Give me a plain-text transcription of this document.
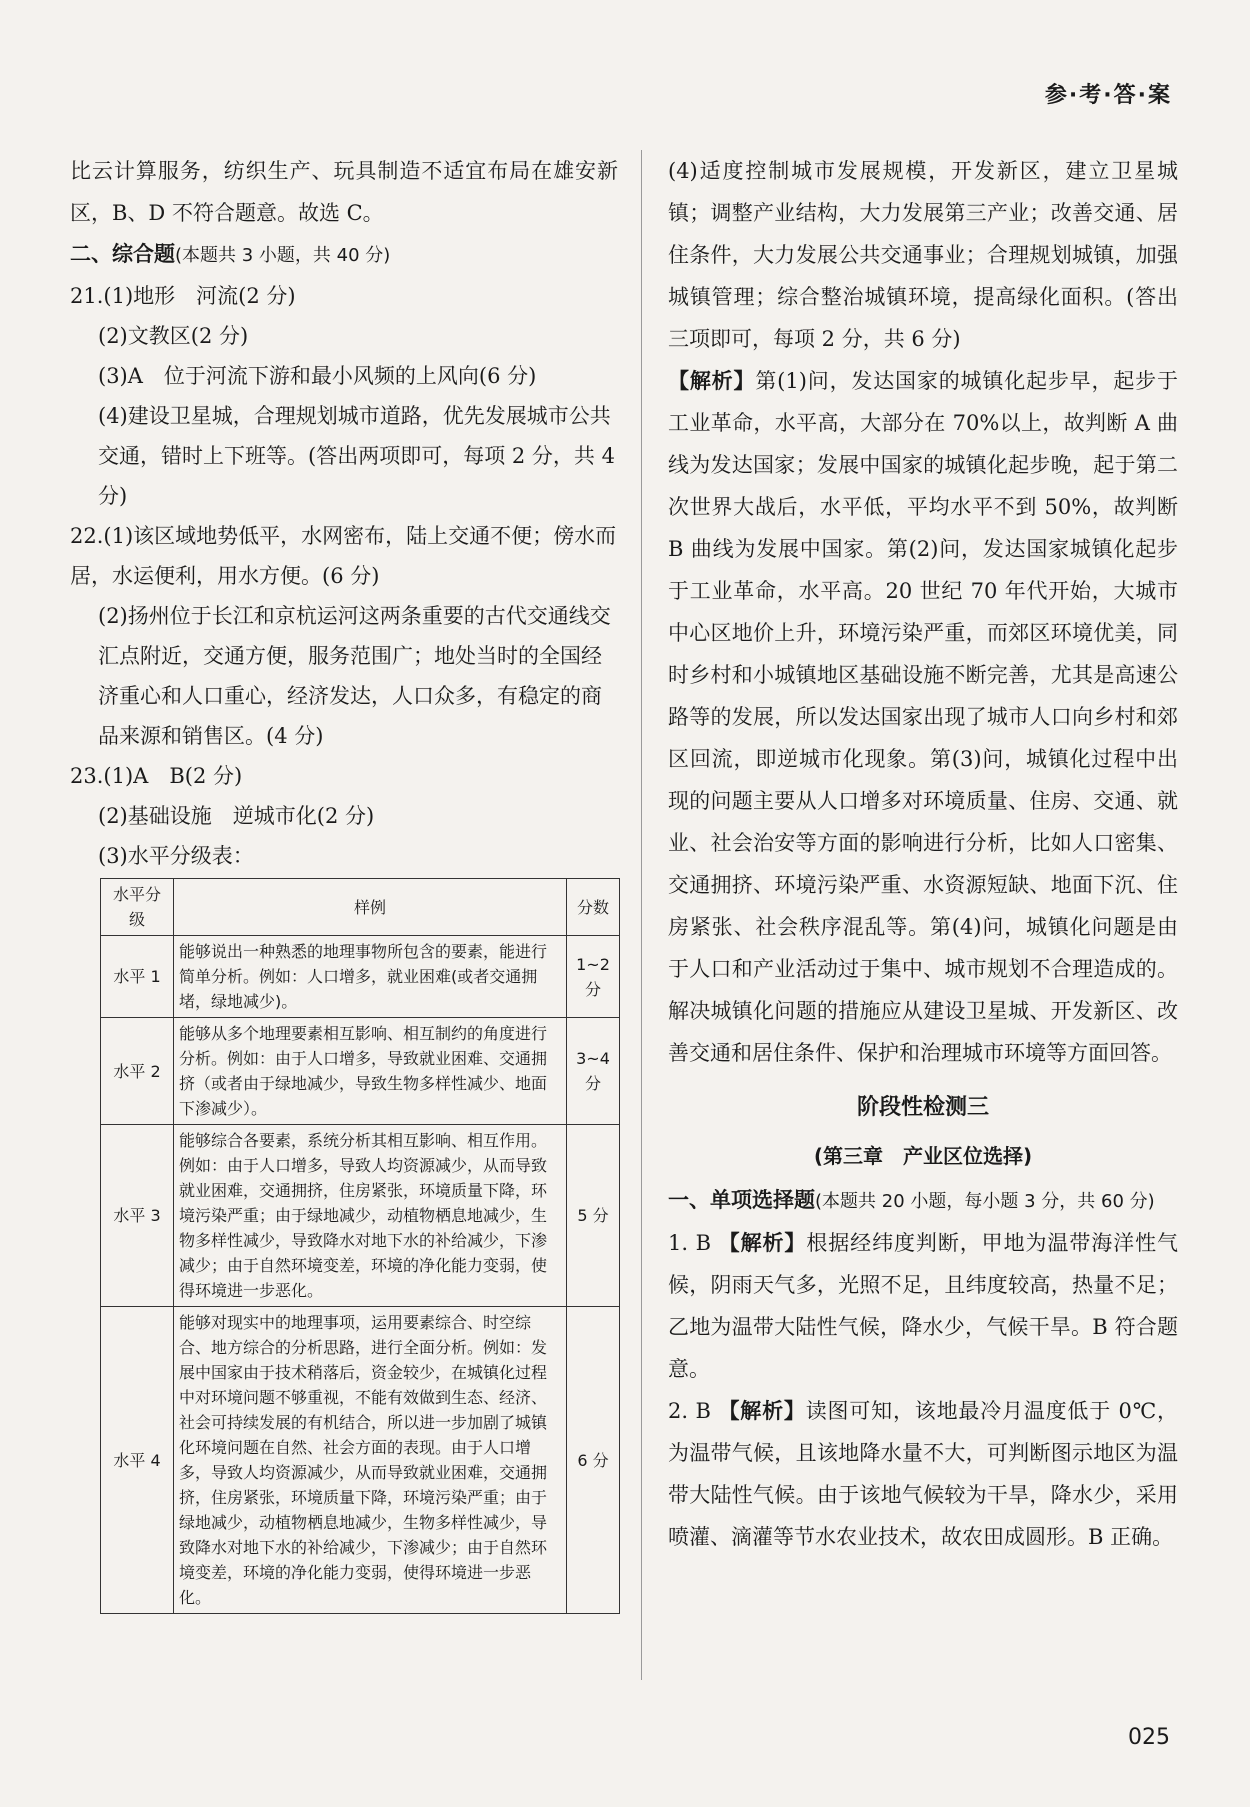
参·考·答·案

比云计算服务，纺织生产、玩具制造不适宜布局在雄安新区，B、D 不符合题意。故选 C。

二、综合题(本题共 3 小题，共 40 分)

21.(1)地形　河流(2 分)

(2)文教区(2 分)

(3)A　位于河流下游和最小风频的上风向(6 分)

(4)建设卫星城，合理规划城市道路，优先发展城市公共交通，错时上下班等。(答出两项即可，每项 2 分，共 4 分)

22.(1)该区域地势低平，水网密布，陆上交通不便；傍水而居，水运便利，用水方便。(6 分)

(2)扬州位于长江和京杭运河这两条重要的古代交通线交汇点附近，交通方便，服务范围广；地处当时的全国经济重心和人口重心，经济发达，人口众多，有稳定的商品来源和销售区。(4 分)

23.(1)A　B(2 分)

(2)基础设施　逆城市化(2 分)

(3)水平分级表：

水平分级	样例	分数
水平 1	能够说出一种熟悉的地理事物所包含的要素，能进行简单分析。例如：人口增多，就业困难(或者交通拥堵，绿地减少)。	1~2 分
水平 2	能够从多个地理要素相互影响、相互制约的角度进行分析。例如：由于人口增多，导致就业困难、交通拥挤（或者由于绿地减少，导致生物多样性减少、地面下渗减少）。	3~4 分
水平 3	能够综合各要素，系统分析其相互影响、相互作用。例如：由于人口增多，导致人均资源减少，从而导致就业困难，交通拥挤，住房紧张，环境质量下降，环境污染严重；由于绿地减少，动植物栖息地减少，生物多样性减少，导致降水对地下水的补给减少，下渗减少；由于自然环境变差，环境的净化能力变弱，使得环境进一步恶化。	5 分
水平 4	能够对现实中的地理事项，运用要素综合、时空综合、地方综合的分析思路，进行全面分析。例如：发展中国家由于技术稍落后，资金较少，在城镇化过程中对环境问题不够重视，不能有效做到生态、经济、社会可持续发展的有机结合，所以进一步加剧了城镇化环境问题在自然、社会方面的表现。由于人口增多，导致人均资源减少，从而导致就业困难，交通拥挤，住房紧张，环境质量下降，环境污染严重；由于绿地减少，动植物栖息地减少，生物多样性减少，导致降水对地下水的补给减少，下渗减少；由于自然环境变差，环境的净化能力变弱，使得环境进一步恶化。	6 分

(4)适度控制城市发展规模，开发新区，建立卫星城镇；调整产业结构，大力发展第三产业；改善交通、居住条件，大力发展公共交通事业；合理规划城镇，加强城镇管理；综合整治城镇环境，提高绿化面积。(答出三项即可，每项 2 分，共 6 分)

【解析】第(1)问，发达国家的城镇化起步早，起步于工业革命，水平高，大部分在 70%以上，故判断 A 曲线为发达国家；发展中国家的城镇化起步晚，起于第二次世界大战后，水平低，平均水平不到 50%，故判断 B 曲线为发展中国家。第(2)问，发达国家城镇化起步于工业革命，水平高。20 世纪 70 年代开始，大城市中心区地价上升，环境污染严重，而郊区环境优美，同时乡村和小城镇地区基础设施不断完善，尤其是高速公路等的发展，所以发达国家出现了城市人口向乡村和郊区回流，即逆城市化现象。第(3)问，城镇化过程中出现的问题主要从人口增多对环境质量、住房、交通、就业、社会治安等方面的影响进行分析，比如人口密集、交通拥挤、环境污染严重、水资源短缺、地面下沉、住房紧张、社会秩序混乱等。第(4)问，城镇化问题是由于人口和产业活动过于集中、城市规划不合理造成的。解决城镇化问题的措施应从建设卫星城、开发新区、改善交通和居住条件、保护和治理城市环境等方面回答。

阶段性检测三
(第三章　产业区位选择)

一、单项选择题(本题共 20 小题，每小题 3 分，共 60 分)

1. B 【解析】根据经纬度判断，甲地为温带海洋性气候，阴雨天气多，光照不足，且纬度较高，热量不足；乙地为温带大陆性气候，降水少，气候干旱。B 符合题意。

2. B 【解析】读图可知，该地最冷月温度低于 0℃，为温带气候，且该地降水量不大，可判断图示地区为温带大陆性气候。由于该地气候较为干旱，降水少，采用喷灌、滴灌等节水农业技术，故农田成圆形。B 正确。

025
